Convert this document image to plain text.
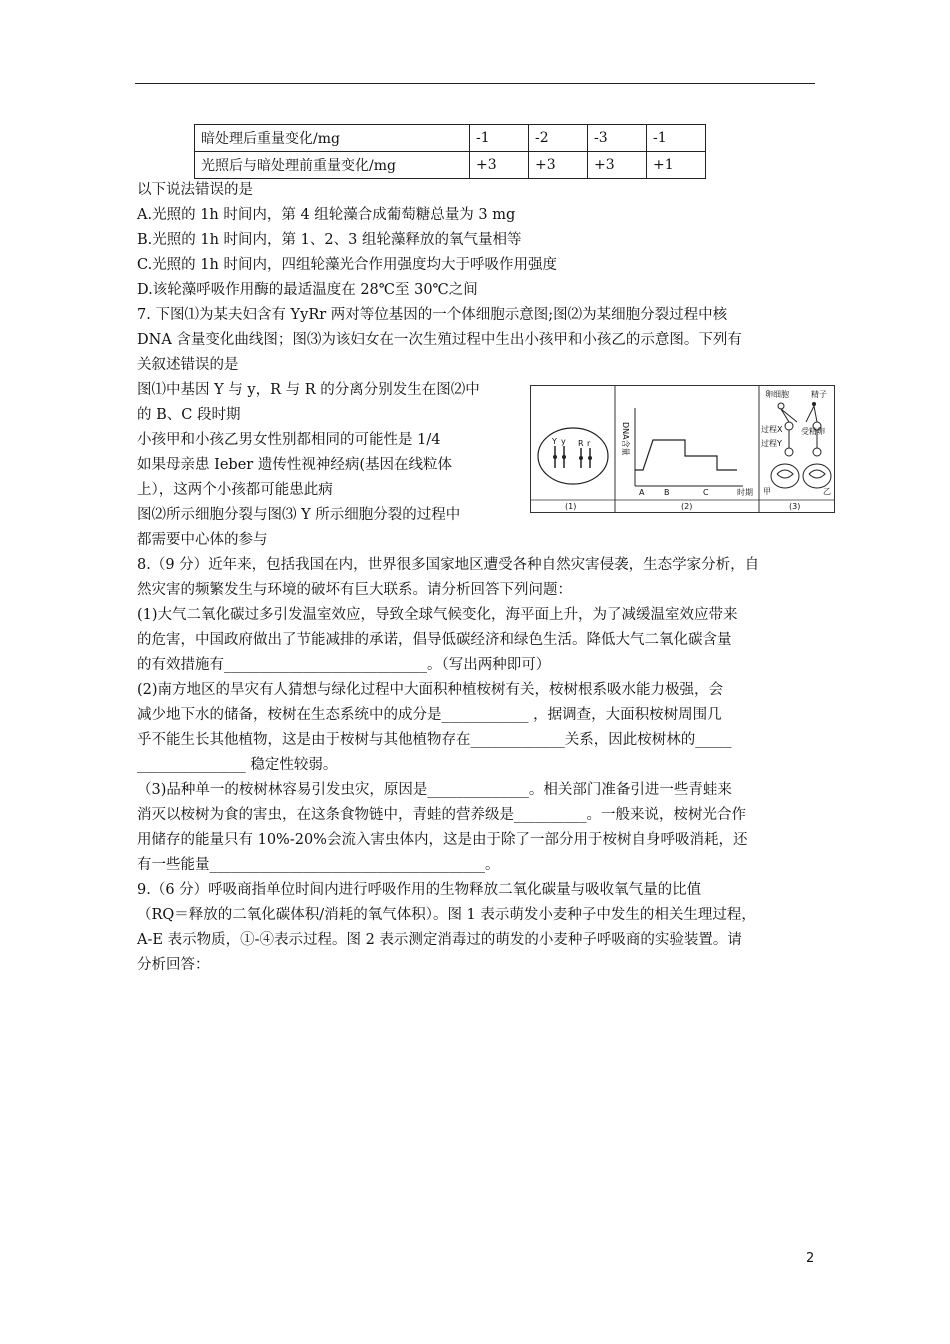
暗处理后重量变化/mg	-1	-2	-3	-1
光照后与暗处理前重量变化/mg	+3	+3	+3	+1
以下说法错误的是
A.光照的 1h 时间内，第 4 组轮藻合成葡萄糖总量为 3 mg
B.光照的 1h 时间内，第 1、2、3 组轮藻释放的氧气量相等
C.光照的 1h 时间内，四组轮藻光合作用强度均大于呼吸作用强度
D.该轮藻呼吸作用酶的最适温度在 28℃至 30℃之间
7. 下图⑴为某夫妇含有 YyRr 两对等位基因的一个体细胞示意图;图⑵为某细胞分裂过程中核
DNA 含量变化曲线图；图⑶为该妇女在一次生殖过程中生出小孩甲和小孩乙的示意图。下列有
关叙述错误的是
图⑴中基因 Y 与 y，R 与 R 的分离分别发生在图⑵中
的 B、C 段时期
小孩甲和小孩乙男女性别都相同的可能性是 1/4
如果母亲患 Ieber 遗传性视神经病(基因在线粒体
上），这两个小孩都可能患此病
图⑵所示细胞分裂与图⑶ Y 所示细胞分裂的过程中
都需要中心体的参与
Y y R r
(1)
DNA含量
A B	C	时期
(2)
卵细胞	精子
过程X
过程Y
受精卵
甲	乙
(3)
8.（9 分）近年来，包括我国在内，世界很多国家地区遭受各种自然灾害侵袭，生态学家分析，自
然灾害的频繁发生与环境的破坏有巨大联系。请分析回答下列问题：
(1)大气二氧化碳过多引发温室效应，导致全球气候变化，海平面上升，为了减缓温室效应带来
的危害，中国政府做出了节能减排的承诺，倡导低碳经济和绿色生活。降低大气二氧化碳含量
的有效措施有____________________________。（写出两种即可）
(2)南方地区的旱灾有人猜想与绿化过程中大面积种植桉树有关，桉树根系吸水能力极强，会
减少地下水的储备，桉树在生态系统中的成分是____________ ，据调查，大面积桉树周围几
乎不能生长其他植物，这是由于桉树与其他植物存在_____________关系，因此桉树林的_____
_______________ 稳定性较弱。
（3)品种单一的桉树林容易引发虫灾，原因是______________。相关部门准备引进一些青蛙来
消灭以桉树为食的害虫，在这条食物链中，青蛙的营养级是__________。一般来说，桉树光合作
用储存的能量只有 10%-20%会流入害虫体内，这是由于除了一部分用于桉树自身呼吸消耗，还
有一些能量______________________________________。
9.（6 分）呼吸商指单位时间内进行呼吸作用的生物释放二氧化碳量与吸收氧气量的比值
（RQ＝释放的二氧化碳体积/消耗的氧气体积）。图 1 表示萌发小麦种子中发生的相关生理过程，
A-E 表示物质，①-④表示过程。图 2 表示测定消毒过的萌发的小麦种子呼吸商的实验装置。请
分析回答：
2
